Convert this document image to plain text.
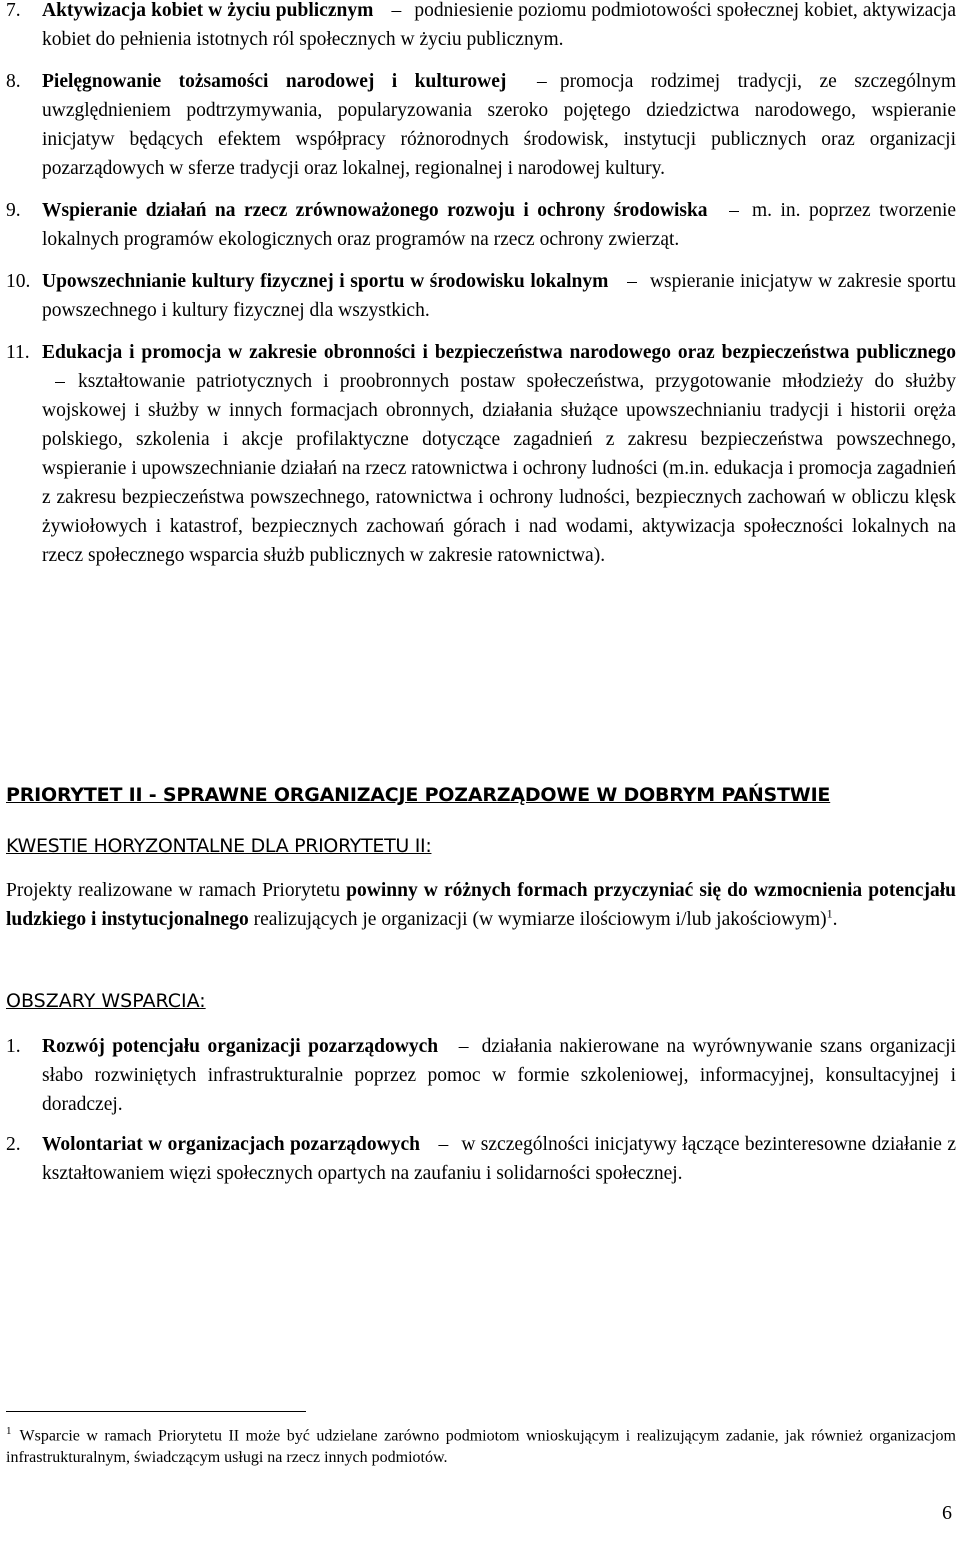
7. Aktywizacja kobiet w życiu publicznym – podniesienie poziomu podmiotowości społecznej kobiet, aktywizacja kobiet do pełnienia istotnych ról społecznych w życiu publicznym.
8. Pielęgnowanie tożsamości narodowej i kulturowej – promocja rodzimej tradycji, ze szczególnym uwzględnieniem podtrzymywania, popularyzowania szeroko pojętego dziedzictwa narodowego, wspieranie inicjatyw będących efektem współpracy różnorodnych środowisk, instytucji publicznych oraz organizacji pozarządowych w sferze tradycji oraz lokalnej, regionalnej i narodowej kultury.
9. Wspieranie działań na rzecz zrównoważonego rozwoju i ochrony środowiska – m. in. poprzez tworzenie lokalnych programów ekologicznych oraz programów na rzecz ochrony zwierząt.
10. Upowszechnianie kultury fizycznej i sportu w środowisku lokalnym – wspieranie inicjatyw w zakresie sportu powszechnego i kultury fizycznej dla wszystkich.
11. Edukacja i promocja w zakresie obronności i bezpieczeństwa narodowego oraz bezpieczeństwa publicznego – kształtowanie patriotycznych i proobronnych postaw społeczeństwa, przygotowanie młodzieży do służby wojskowej i służby w innych formacjach obronnych, działania służące upowszechnianiu tradycji i historii oręża polskiego, szkolenia i akcje profilaktyczne dotyczące zagadnień z zakresu bezpieczeństwa powszechnego, wspieranie i upowszechnianie działań na rzecz ratownictwa i ochrony ludności (m.in. edukacja i promocja zagadnień z zakresu bezpieczeństwa powszechnego, ratownictwa i ochrony ludności, bezpiecznych zachowań w obliczu klęsk żywiołowych i katastrof, bezpiecznych zachowań górach i nad wodami, aktywizacja społeczności lokalnych na rzecz społecznego wsparcia służb publicznych w zakresie ratownictwa).
PRIORYTET II - SPRAWNE ORGANIZACJE POZARZĄDOWE W DOBRYM PAŃSTWIE
KWESTIE HORYZONTALNE DLA PRIORYTETU II:
Projekty realizowane w ramach Priorytetu powinny w różnych formach przyczyniać się do wzmocnienia potencjału ludzkiego i instytucjonalnego realizujących je organizacji (w wymiarze ilościowym i/lub jakościowym)$^1$.
OBSZARY WSPARCIA:
1. Rozwój potencjału organizacji pozarządowych – działania nakierowane na wyrównywanie szans organizacji słabo rozwiniętych infrastrukturalnie poprzez pomoc w formie szkoleniowej, informacyjnej, konsultacyjnej i doradczej.
2. Wolontariat w organizacjach pozarządowych – w szczególności inicjatywy łączące bezinteresowne działanie z kształtowaniem więzi społecznych opartych na zaufaniu i solidarności społecznej.
$^1$ Wsparcie w ramach Priorytetu II może być udzielane zarówno podmiotom wnioskującym i realizującym zadanie, jak również organizacjom infrastrukturalnym, świadczącym usługi na rzecz innych podmiotów.
6
